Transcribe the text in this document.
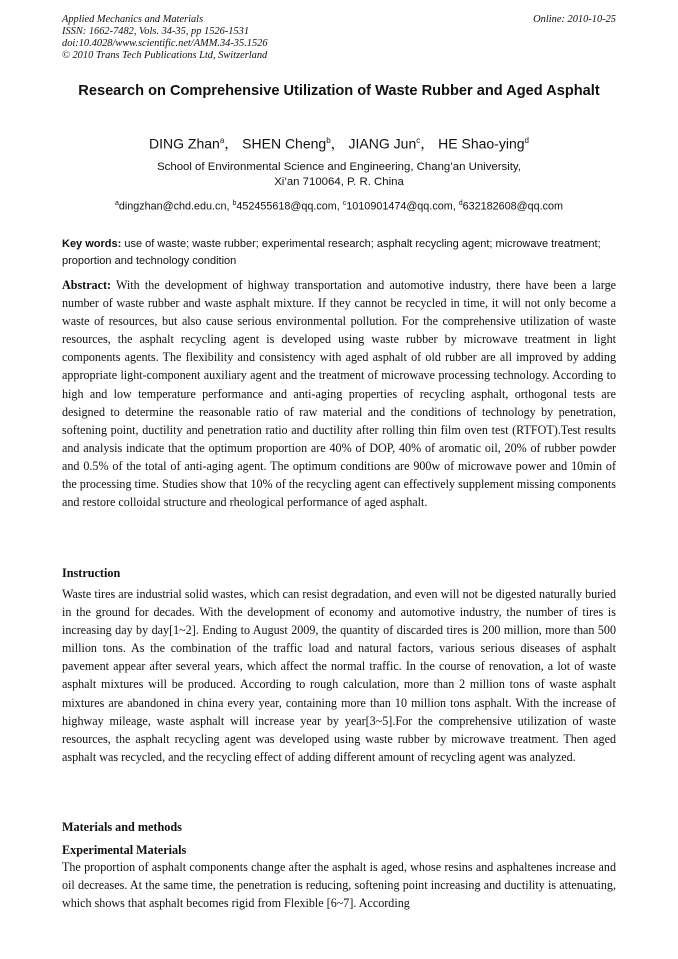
Applied Mechanics and Materials
ISSN: 1662-7482, Vols. 34-35, pp 1526-1531
doi:10.4028/www.scientific.net/AMM.34-35.1526
© 2010 Trans Tech Publications Ltd, Switzerland
Online: 2010-10-25
Research on Comprehensive Utilization of Waste Rubber and Aged Asphalt
DING Zhan$^a$， SHEN Cheng$^b$， JIANG Jun$^c$， HE Shao-ying$^d$
School of Environmental Science and Engineering, Chang’an University,
Xi’an 710064, P. R. China
$^a$dingzhan@chd.edu.cn, $^b$452455618@qq.com, $^c$1010901474@qq.com, $^d$632182608@qq.com
Key words: use of waste; waste rubber; experimental research; asphalt recycling agent; microwave treatment; proportion and technology condition
Abstract: With the development of highway transportation and automotive industry, there have been a large number of waste rubber and waste asphalt mixture. If they cannot be recycled in time, it will not only become a waste of resources, but also cause serious environmental pollution. For the comprehensive utilization of waste resources, the asphalt recycling agent is developed using waste rubber by microwave treatment in light components agents. The flexibility and consistency with aged asphalt of old rubber are all improved by adding appropriate light-component auxiliary agent and the treatment of microwave processing technology. According to high and low temperature performance and anti-aging properties of recycling asphalt, orthogonal tests are designed to determine the reasonable ratio of raw material and the conditions of technology by penetration, softening point, ductility and penetration ratio and ductility after rolling thin film oven test (RTFOT).Test results and analysis indicate that the optimum proportion are 40% of DOP, 40% of aromatic oil, 20% of rubber powder and 0.5% of the total of anti-aging agent. The optimum conditions are 900w of microwave power and 10min of the processing time. Studies show that 10% of the recycling agent can effectively supplement missing components and restore colloidal structure and rheological performance of aged asphalt.
Instruction
Waste tires are industrial solid wastes, which can resist degradation, and even will not be digested naturally buried in the ground for decades. With the development of economy and automotive industry, the number of tires is increasing day by day[1~2]. Ending to August 2009, the quantity of discarded tires is 200 million, more than 500 million tons. As the combination of the traffic load and natural factors, various serious diseases of asphalt pavement appear after several years, which affect the normal traffic. In the course of renovation, a lot of waste asphalt mixtures will be produced. According to rough calculation, more than 2 million tons of waste asphalt mixtures are abandoned in china every year, containing more than 10 million tons asphalt. With the increase of highway mileage, waste asphalt will increase year by year[3~5].For the comprehensive utilization of waste resources, the asphalt recycling agent was developed using waste rubber by microwave treatment. Then aged asphalt was recycled, and the recycling effect of adding different amount of recycling agent was analyzed.
Materials and methods
Experimental Materials
The proportion of asphalt components change after the asphalt is aged, whose resins and asphaltenes increase and oil decreases. At the same time, the penetration is reducing, softening point increasing and ductility is attenuating, which shows that asphalt becomes rigid from Flexible [6~7]. According
